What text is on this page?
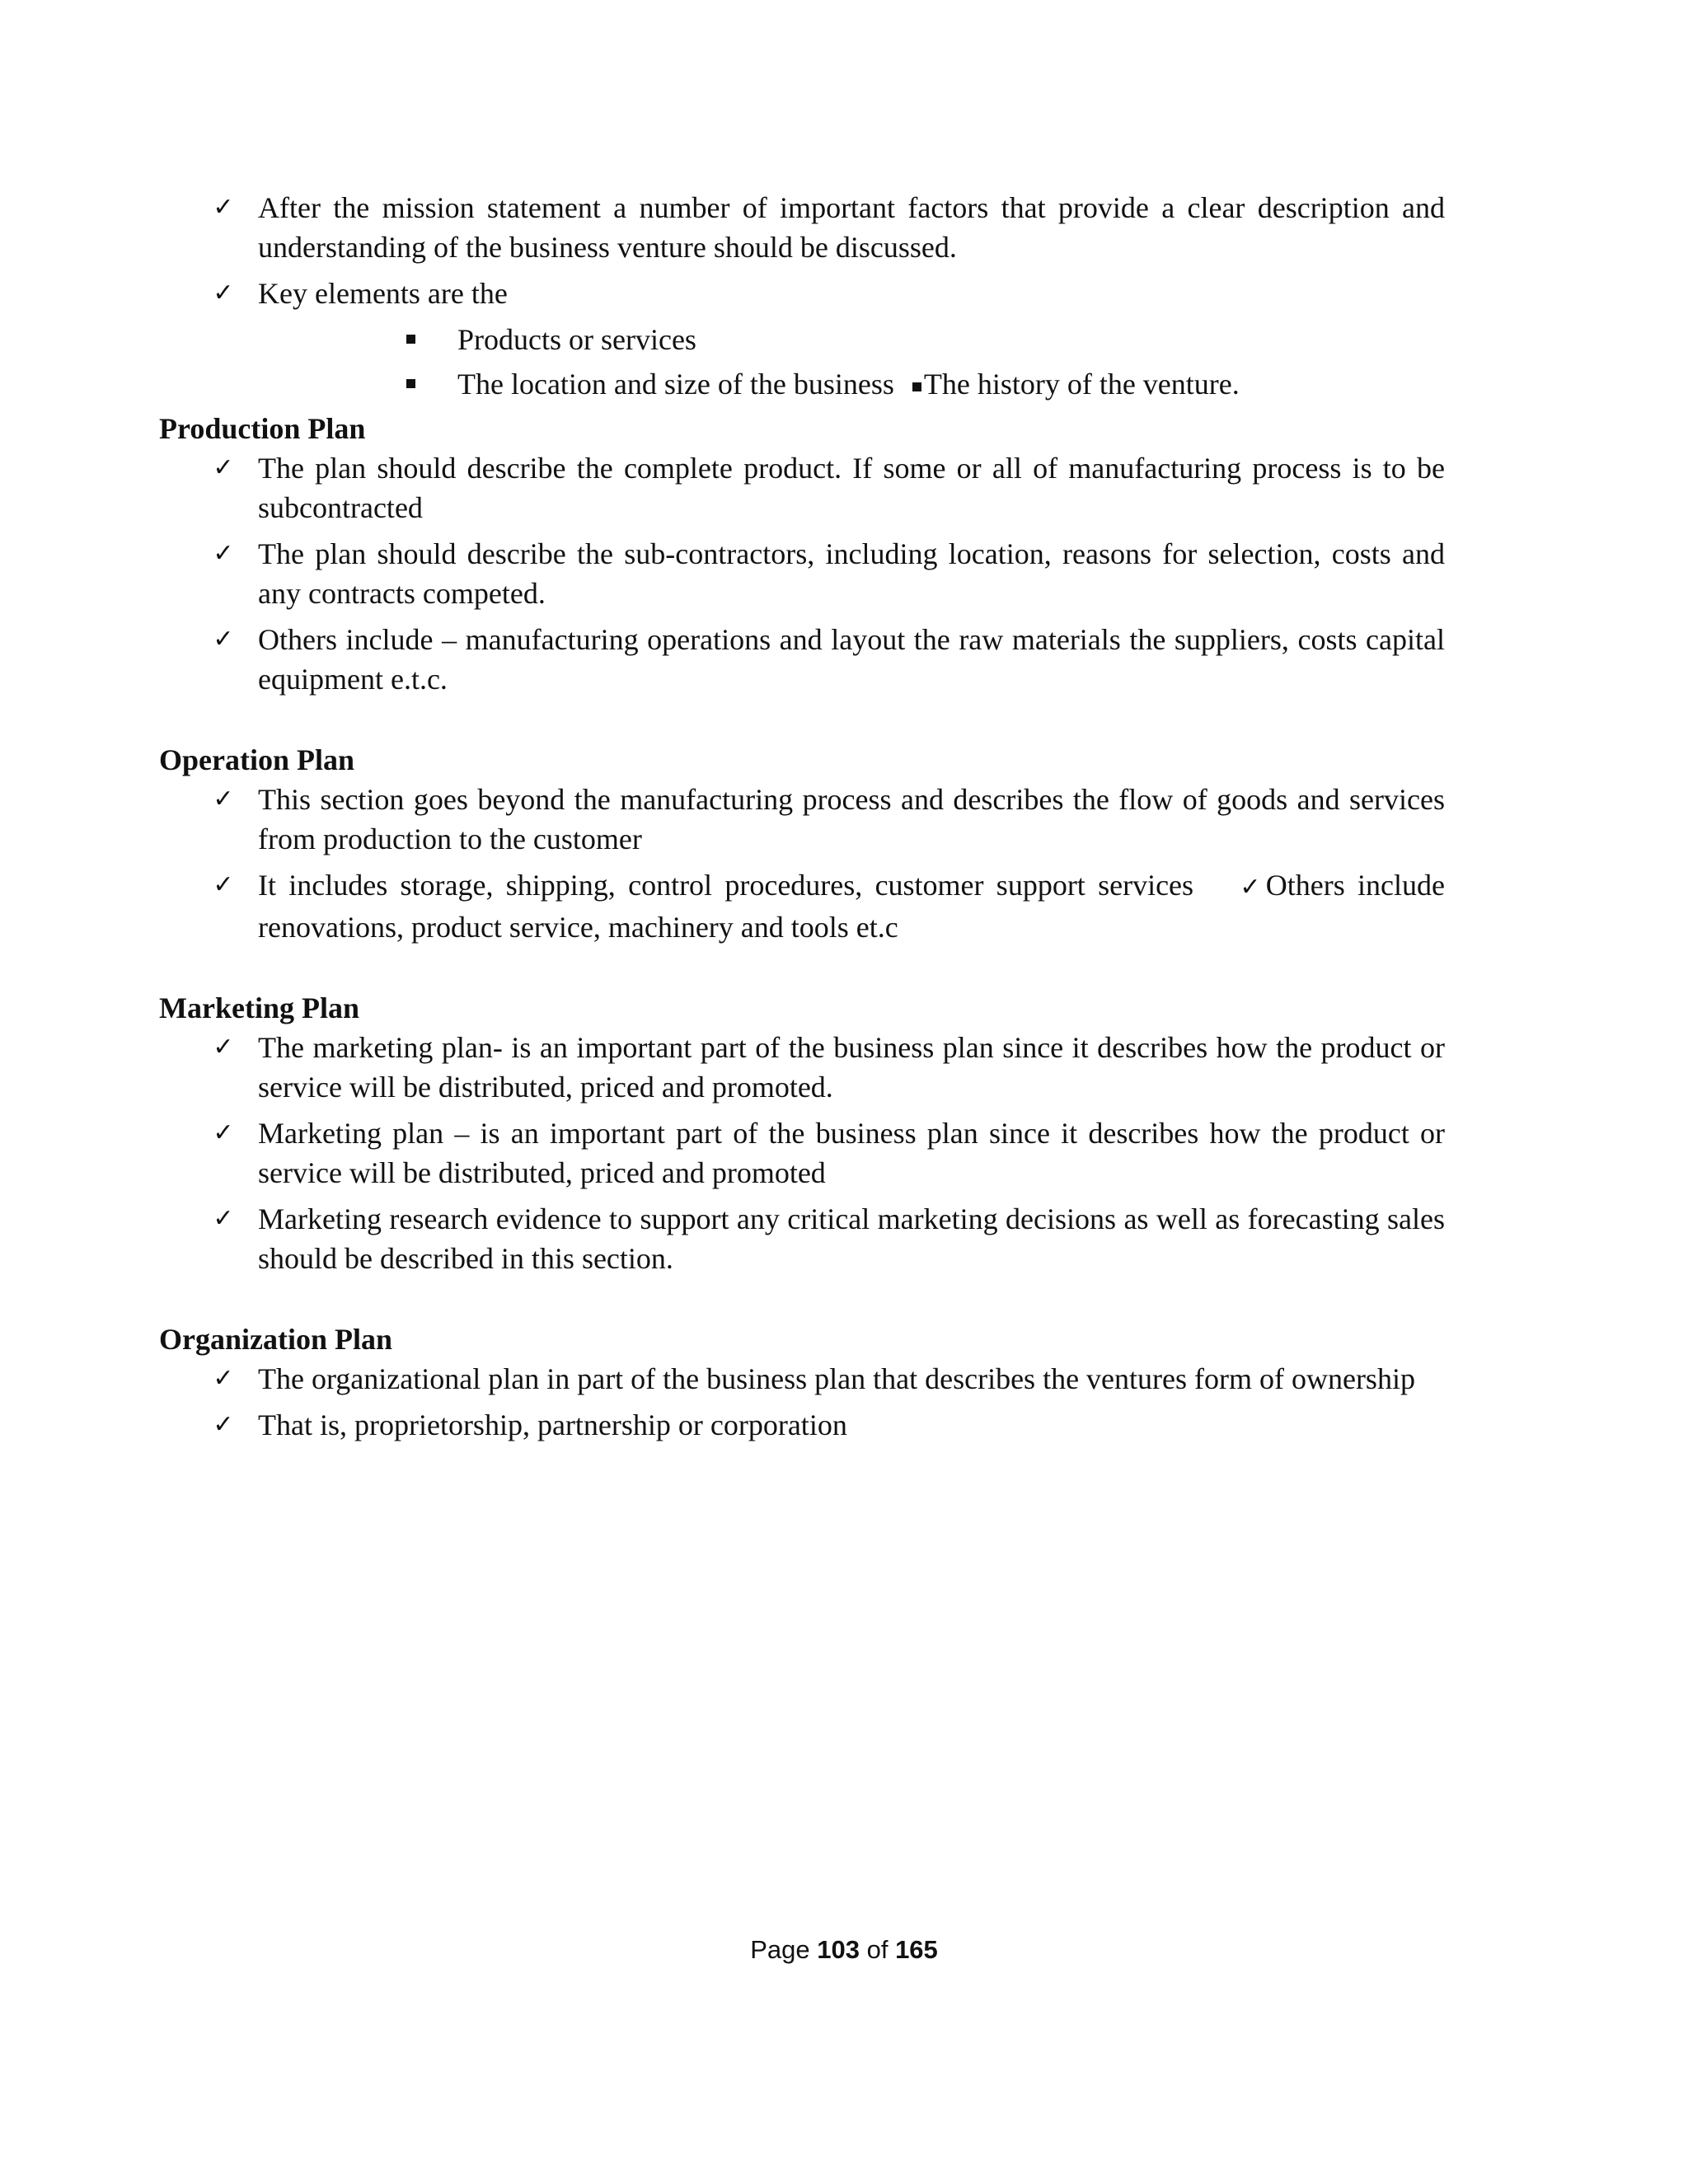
✓ After the mission statement a number of important factors that provide a clear description and understanding of the business venture should be discussed.
✓ Key elements are the
Products or services
The location and size of the business The history of the venture.
Production Plan
✓ The plan should describe the complete product. If some or all of manufacturing process is to be subcontracted
✓ The plan should describe the sub-contractors, including location, reasons for selection, costs and any contracts competed.
✓ Others include – manufacturing operations and layout the raw materials the suppliers, costs capital equipment e.t.c.
Operation Plan
✓ This section goes beyond the manufacturing process and describes the flow of goods and services from production to the customer
✓ It includes storage, shipping, control procedures, customer support services ✓Others include renovations, product service, machinery and tools et.c
Marketing Plan
✓ The marketing plan- is an important part of the business plan since it describes how the product or service will be distributed, priced and promoted.
✓ Marketing plan – is an important part of the business plan since it describes how the product or service will be distributed, priced and promoted
✓ Marketing research evidence to support any critical marketing decisions as well as forecasting sales should be described in this section.
Organization Plan
✓ The organizational plan in part of the business plan that describes the ventures form of ownership
✓ That is, proprietorship, partnership or corporation
Page 103 of 165
